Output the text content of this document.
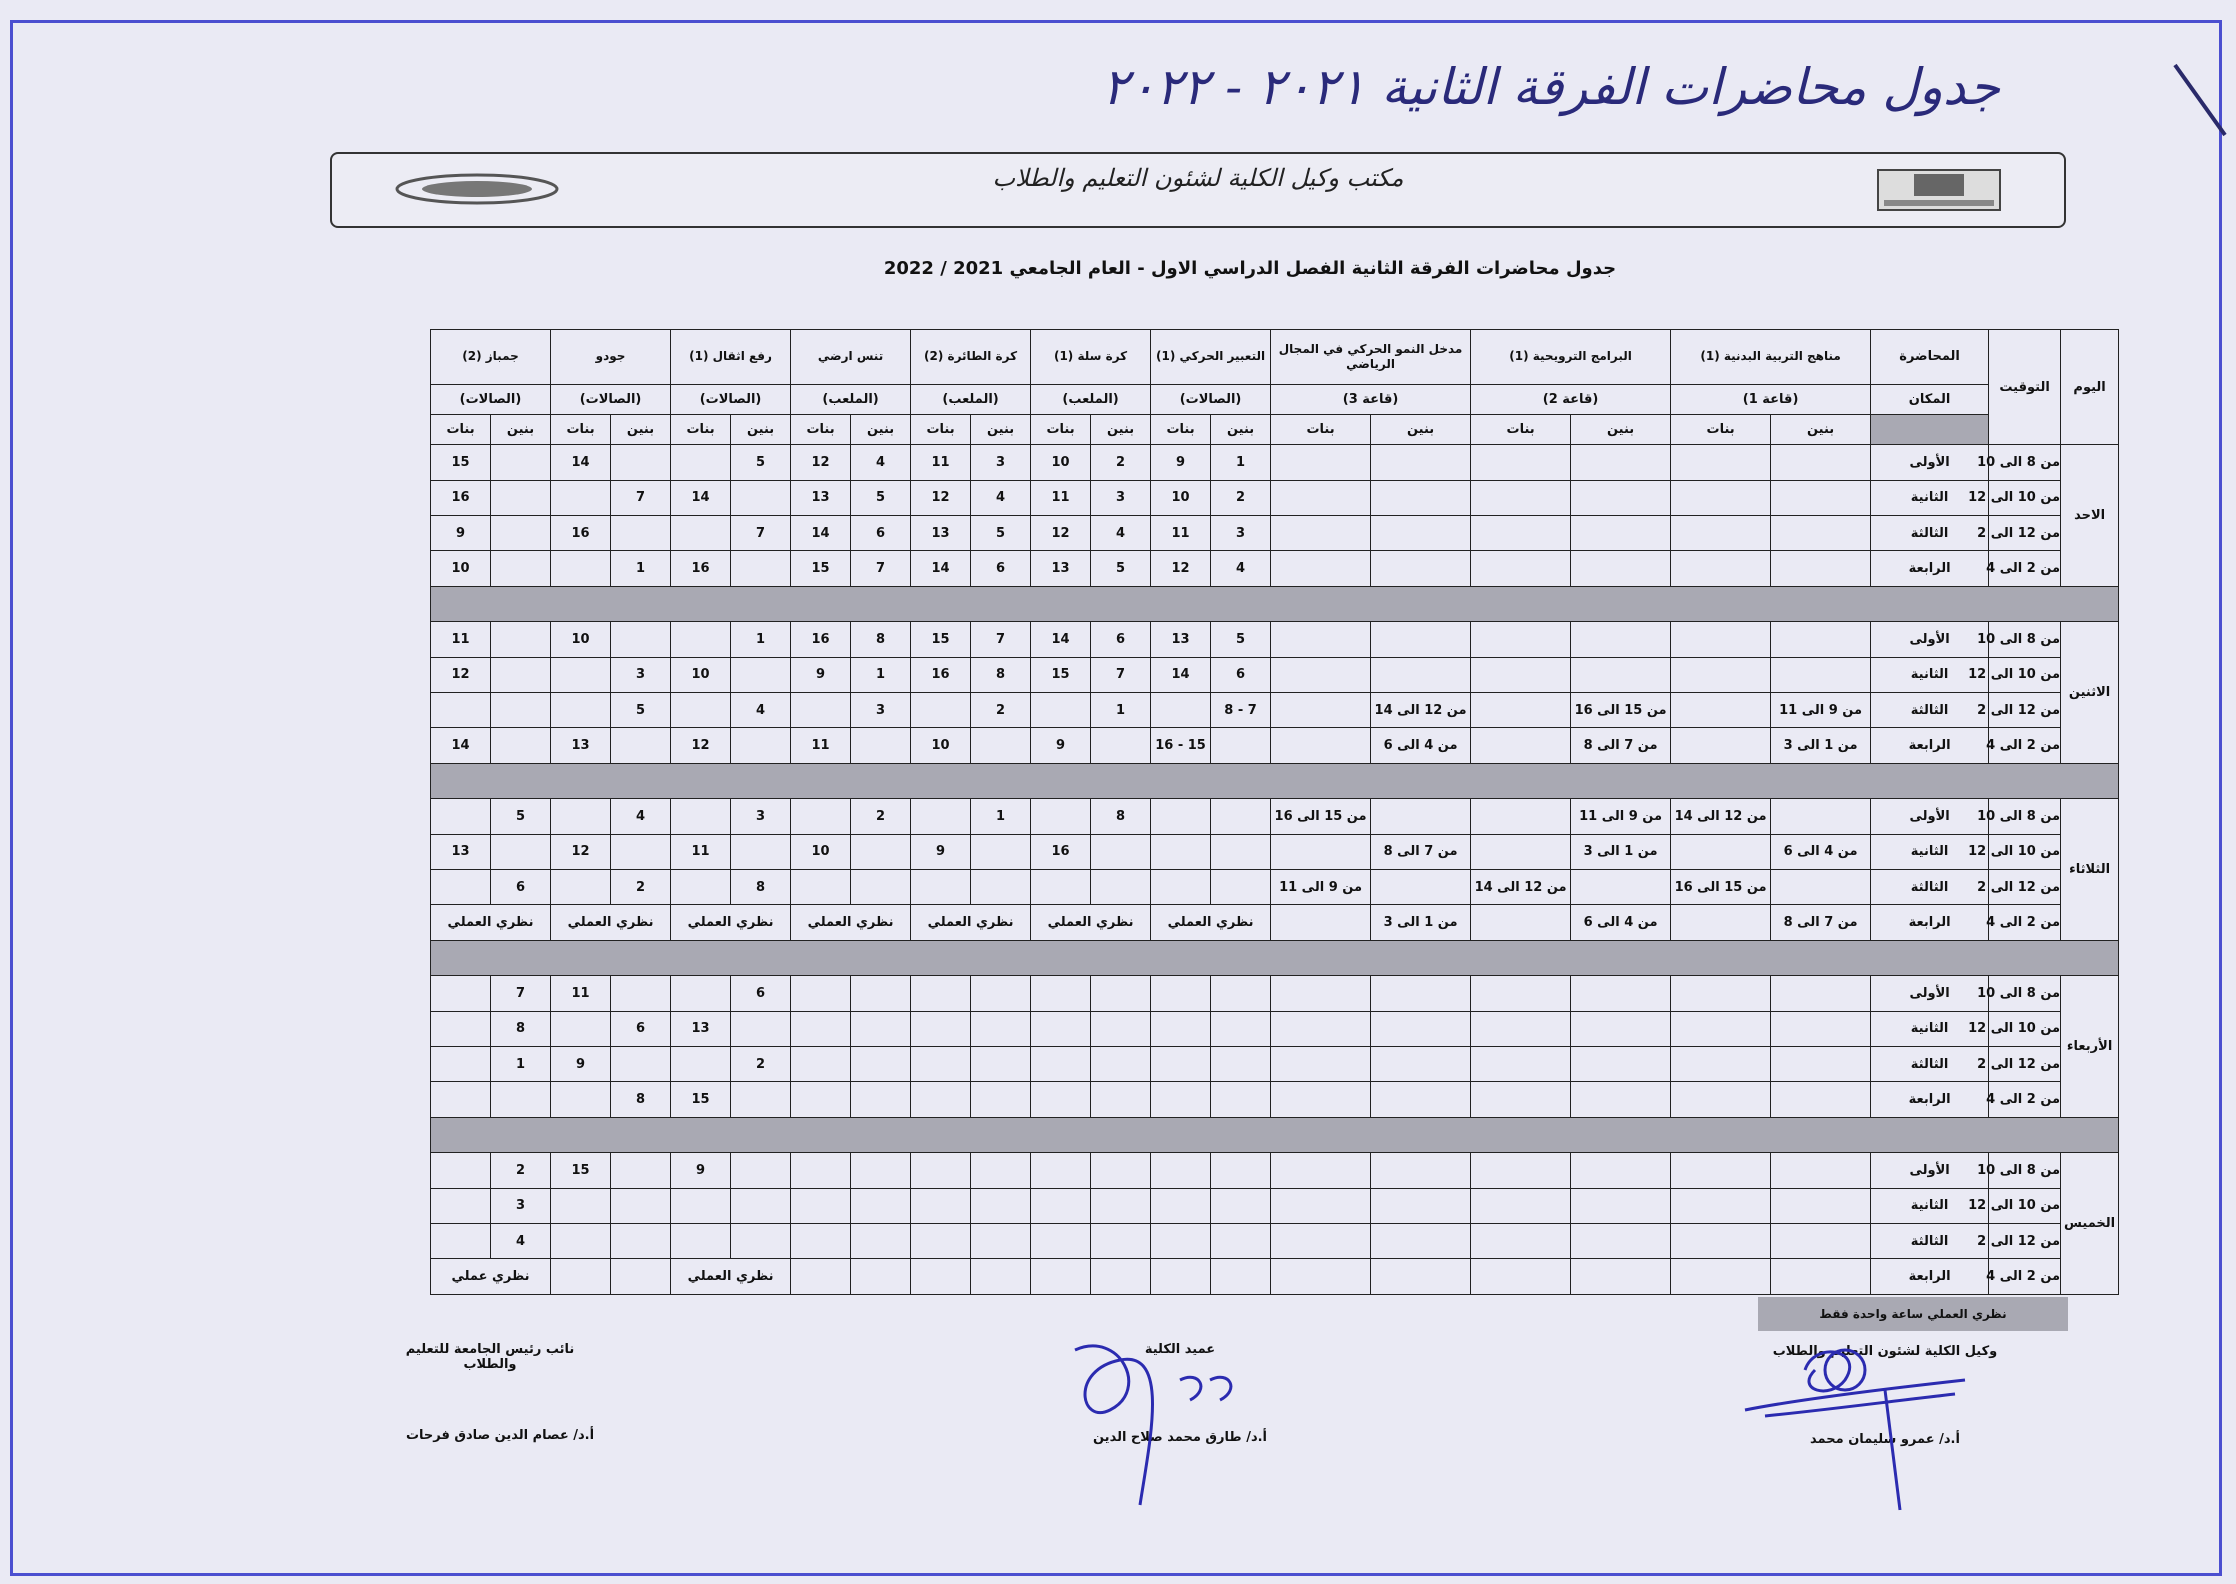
جدول محاضرات الفرقة الثانية ٢٠٢١ - ٢٠٢٢
مكتب وكيل الكلية لشئون التعليم والطلاب
جدول محاضرات الفرقة الثانية الفصل الدراسي الاول - العام الجامعي 2021 / 2022
اليوم	التوقيت	المحاضرة	مناهج التربية البدنية (1)		البرامج الترويحية (1)		مدخل النمو الحركي في المجال الرياضي		التعبير الحركي (1)		كرة سلة (1)		كرة الطائرة (2)		تنس ارضي		رفع اثقال (1)		جودو		جمباز (2)	
		المكان	(قاعة 1)		(قاعة 2)		(قاعة 3)		(الصالات)		(الملعب)		(الملعب)		(الملعب)		(الصالات)		(الصالات)		(الصالات)	
			بنين	بنات	بنين	بنات	بنين	بنات	بنين	بنات	بنين	بنات	بنين	بنات	بنين	بنات	بنين	بنات	بنين	بنات	بنين	بنات
الاحد	من 8 الى 10	الأولى							1	9	2	10	3	11	4	12	5			14		15
	من 10 الى 12	الثانية							2	10	3	11	4	12	5	13		14	7			16
	من 12 الى 2	الثالثة							3	11	4	12	5	13	6	14	7			16		9
	من 2 الى 4	الرابعة							4	12	5	13	6	14	7	15		16	1			10

الاثنين	من 8 الى 10	الأولى							5	13	6	14	7	15	8	16	1			10		11
	من 10 الى 12	الثانية							6	14	7	15	8	16	1	9		10	3			12
	من 12 الى 2	الثالثة	من 9 الى 11		من 15 الى 16		من 12 الى 14		7 - 8		1		2		3		4		5			
	من 2 الى 4	الرابعة	من 1 الى 3		من 7 الى 8		من 4 الى 6			15 - 16		9		10		11		12		13		14

الثلاثاء	من 8 الى 10	الأولى		من 12 الى 14	من 9 الى 11			من 15 الى 16			8		1		2		3		4		5	
	من 10 الى 12	الثانية	من 4 الى 6		من 1 الى 3		من 7 الى 8					16		9		10		11		12		13
	من 12 الى 2	الثالثة		من 15 الى 16		من 12 الى 14		من 9 الى 11									8		2		6	
	من 2 الى 4	الرابعة	من 7 الى 8		من 4 الى 6		من 1 الى 3		نظري العملي		نظري العملي		نظري العملي		نظري العملي		نظري العملي		نظري العملي		نظري العملي	

الأربعاء	من 8 الى 10	الأولى															6			11	7	
	من 10 الى 12	الثانية																13	6		8	
	من 12 الى 2	الثالثة															2			9	1	
	من 2 الى 4	الرابعة																15	8			

الخميس	من 8 الى 10	الأولى																9		15	2	
	من 10 الى 12	الثانية																			3	
	من 12 الى 2	الثالثة																			4	
	من 2 الى 4	الرابعة															نظري العملي				نظري عملي	
نظري العملي ساعة واحدة فقط
وكيل الكلية لشئون التعليم والطلاب
أ.د/ عمرو سليمان محمد
عميد الكلية
أ.د/ طارق محمد صلاح الدين
نائب رئيس الجامعة للتعليم والطلاب
أ.د/ عصام الدين صادق فرحات
